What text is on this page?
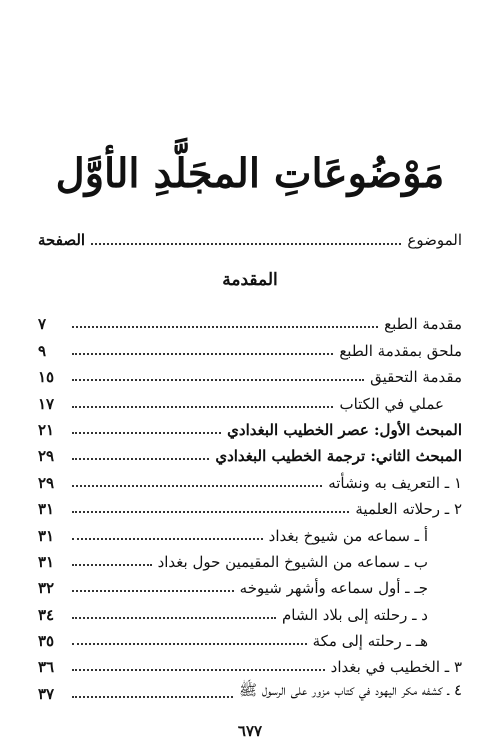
مَوْضُوعَاتِ المجَلَّدِ الأوَّل
الموضوع
الصفحة
المقدمة
مقدمة الطبع
٧
ملحق بمقدمة الطبع
٩
مقدمة التحقيق
١٥
عملي في الكتاب
١٧
المبحث الأول: عصر الخطيب البغدادي
٢١
المبحث الثاني: ترجمة الخطيب البغدادي
٢٩
١ ـ التعريف به ونشأته
٢٩
٢ ـ رحلاته العلمية
٣١
أ ـ سماعه من شيوخ بغداد
٣١
ب ـ سماعه من الشيوخ المقيمين حول بغداد
٣١
جـ ـ أول سماعه وأشهر شيوخه
٣٢
د ـ رحلته إلى بلاد الشام
٣٤
هـ ـ رحلته إلى مكة
٣٥
٣ ـ الخطيب في بغداد
٣٦
٤ ـ كشفه مكر اليهود في كتاب مزور على الرسول ﷺ
٣٧
٦٧٧
